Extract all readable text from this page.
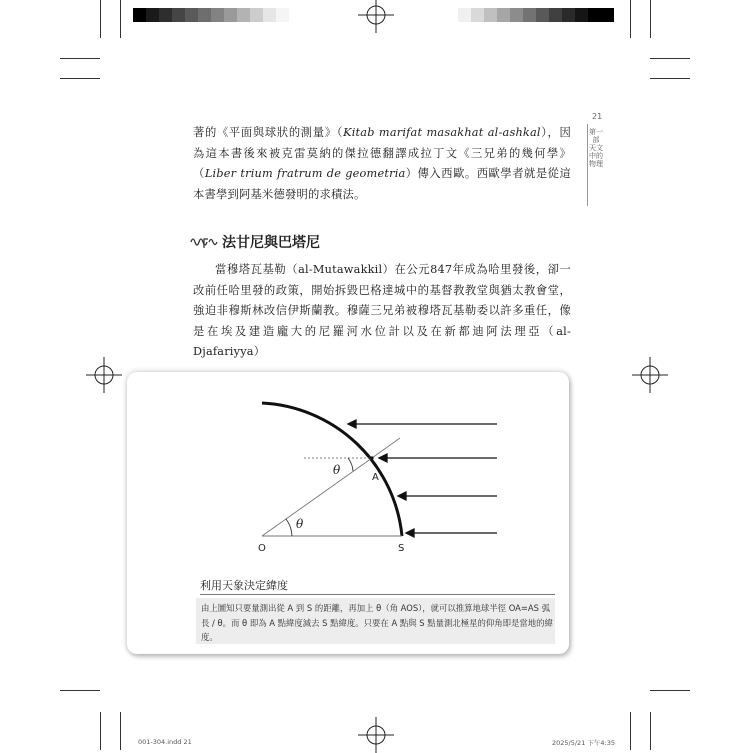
21
第一部 天文中的物理

著的《平面與球狀的測量》（Kitab marifat masakhat al-ashkal），因為這本書後來被克雷莫納的傑拉德翻譯成拉丁文《三兄弟的幾何學》（Liber trium fratrum de geometria）傳入西歐。西歐學者就是從這本書學到阿基米德發明的求積法。

法甘尼與巴塔尼

當穆塔瓦基勒（al-Mutawakkil）在公元847年成為哈里發後，卻一改前任哈里發的政策，開始拆毀巴格達城中的基督教教堂與猶太教會堂，強迫非穆斯林改信伊斯蘭教。穆薩三兄弟被穆塔瓦基勒委以許多重任，像是在埃及建造龐大的尼羅河水位計以及在新都迪阿法理亞（al-Djafariyya）

θ
θ
A
O	S
利用天象決定緯度

由上圖知只要量測出從 A 到 S 的距離，再加上 θ（角 AOS），就可以推算地球半徑 OA=AS 弧長 / θ。而 θ 即為 A 點緯度減去 S 點緯度。只要在 A 點與 S 點量測北極星的仰角即是當地的緯度。

001-304.indd 21	2025/5/21 下午4:35
